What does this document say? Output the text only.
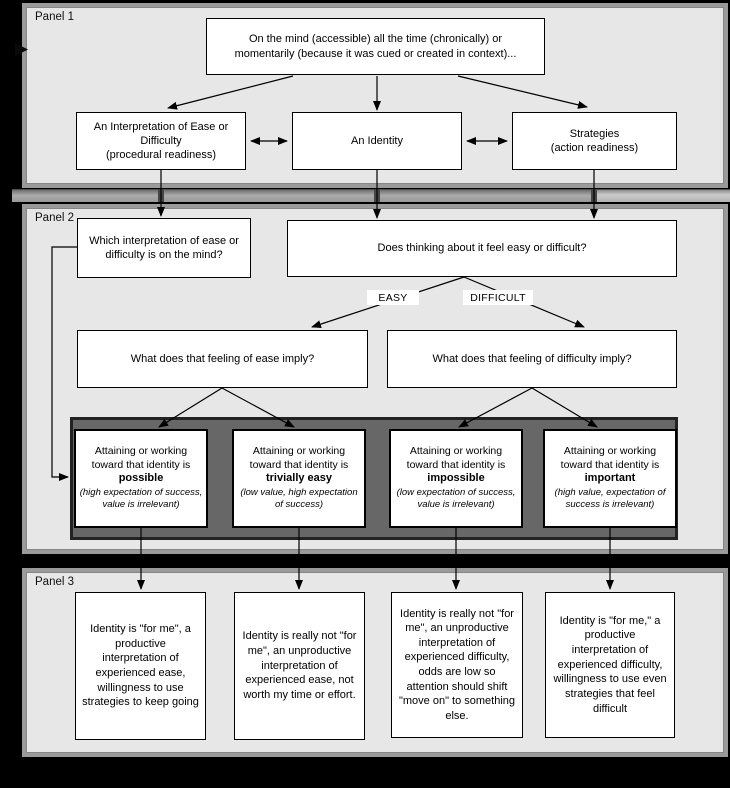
Panel 1
Panel 2
Panel 3
On the mind (accessible) all the time (chronically) or momentarily (because it was cued or created in context)...
An Interpretation of Ease or Difficulty
(procedural readiness)
An Identity
Strategies
(action readiness)
Which interpretation of ease or difficulty is on the mind?
Does thinking about it feel easy or difficult?
EASY	DIFFICULT
What does that feeling of ease imply?	What does that feeling of difficulty imply?
Attaining or working toward that identity is
possible
(high expectation of success, value is irrelevant)
Attaining or working toward that identity is
trivially easy
(low value, high expectation of success)
Attaining or working toward that identity is
impossible
(low expectation of success, value is irrelevant)
Attaining or working toward that identity is
important
(high value, expectation of success is irrelevant)
Identity is "for me", a productive interpretation of experienced ease, willingness to use strategies to keep going
Identity is really not "for me", an unproductive interpretation of experienced ease, not worth my time or effort.
Identity is really not "for me", an unproductive interpretation of experienced difficulty, odds are low so attention should shift "move on" to something else.
Identity is "for me," a productive interpretation of experienced difficulty, willingness to use even strategies that feel difficult
